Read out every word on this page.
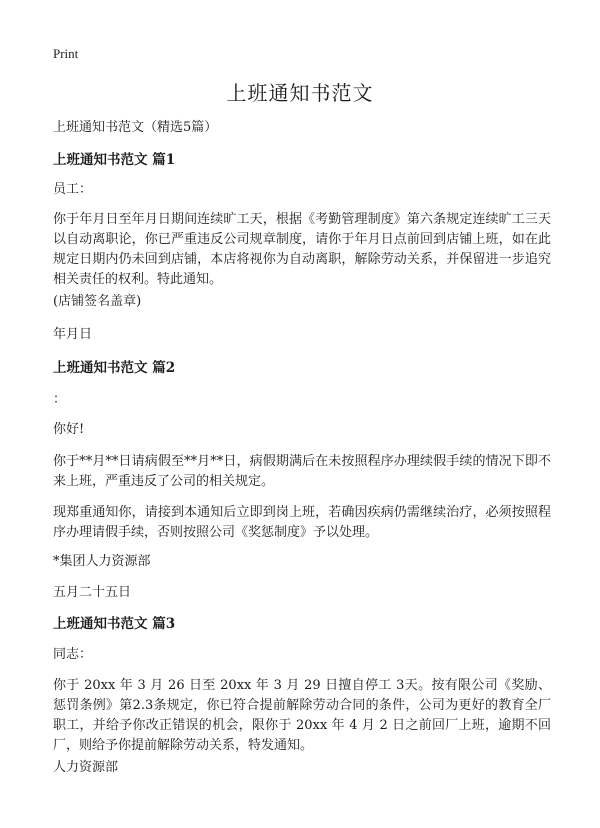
Print
上班通知书范文

上班通知书范文（精选5篇）

上班通知书范文 篇1

员工：

你于年月日至年月日期间连续旷工天，根据《考勤管理制度》第六条规定连续旷工三天以自动离职论，你已严重违反公司规章制度，请你于年月日点前回到店铺上班，如在此规定日期内仍未回到店铺，本店将视你为自动离职，解除劳动关系，并保留进一步追究相关责任的权利。特此通知。

(店铺签名盖章)

年月日

上班通知书范文 篇2

：

你好!

你于**月**日请病假至**月**日，病假期满后在未按照程序办理续假手续的情况下即不来上班，严重违反了公司的相关规定。

现郑重通知你，请接到本通知后立即到岗上班，若确因疾病仍需继续治疗，必须按照程序办理请假手续，否则按照公司《奖惩制度》予以处理。

*集团人力资源部

五月二十五日

上班通知书范文 篇3

同志：

你于 20xx 年 3 月 26 日至 20xx 年 3 月 29 日擅自停工 3天。按有限公司《奖励、惩罚条例》第2.3条规定，你已符合提前解除劳动合同的条件，公司为更好的教育全厂职工，并给予你改正错误的机会，限你于 20xx 年 4 月 2 日之前回厂上班，逾期不回厂，则给予你提前解除劳动关系，特发通知。

人力资源部
